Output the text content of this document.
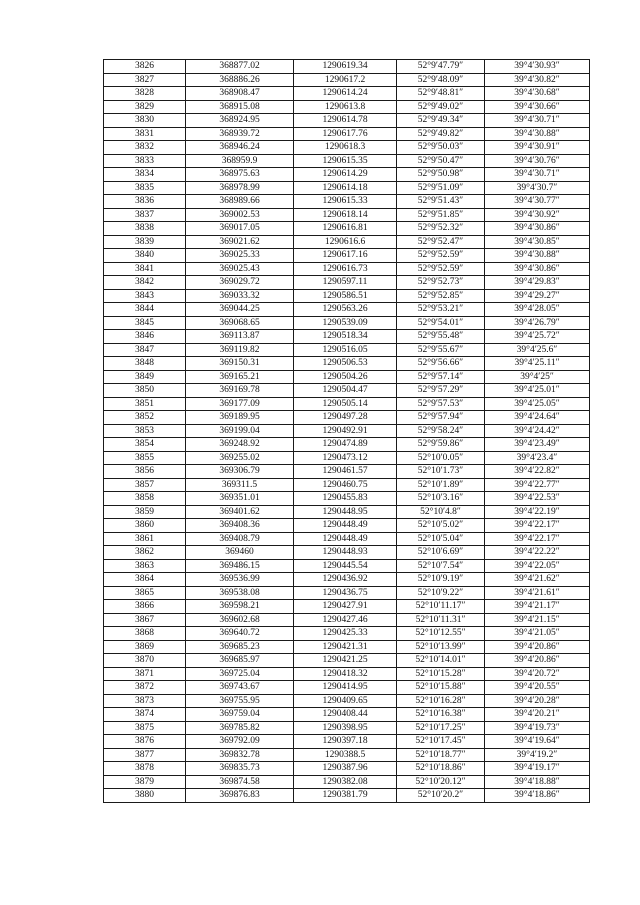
3826	368877.02	1290619.34	52°9′47.79″	39°4′30.93″
3827	368886.26	1290617.2	52°9′48.09″	39°4′30.82″
3828	368908.47	1290614.24	52°9′48.81″	39°4′30.68″
3829	368915.08	1290613.8	52°9′49.02″	39°4′30.66″
3830	368924.95	1290614.78	52°9′49.34″	39°4′30.71″
3831	368939.72	1290617.76	52°9′49.82″	39°4′30.88″
3832	368946.24	1290618.3	52°9′50.03″	39°4′30.91″
3833	368959.9	1290615.35	52°9′50.47″	39°4′30.76″
3834	368975.63	1290614.29	52°9′50.98″	39°4′30.71″
3835	368978.99	1290614.18	52°9′51.09″	39°4′30.7″
3836	368989.66	1290615.33	52°9′51.43″	39°4′30.77″
3837	369002.53	1290618.14	52°9′51.85″	39°4′30.92″
3838	369017.05	1290616.81	52°9′52.32″	39°4′30.86″
3839	369021.62	1290616.6	52°9′52.47″	39°4′30.85″
3840	369025.33	1290617.16	52°9′52.59″	39°4′30.88″
3841	369025.43	1290616.73	52°9′52.59″	39°4′30.86″
3842	369029.72	1290597.11	52°9′52.73″	39°4′29.83″
3843	369033.32	1290586.51	52°9′52.85″	39°4′29.27″
3844	369044.25	1290563.26	52°9′53.21″	39°4′28.05″
3845	369068.65	1290539.09	52°9′54.01″	39°4′26.79″
3846	369113.87	1290518.34	52°9′55.48″	39°4′25.72″
3847	369119.82	1290516.05	52°9′55.67″	39°4′25.6″
3848	369150.31	1290506.53	52°9′56.66″	39°4′25.11″
3849	369165.21	1290504.26	52°9′57.14″	39°4′25″
3850	369169.78	1290504.47	52°9′57.29″	39°4′25.01″
3851	369177.09	1290505.14	52°9′57.53″	39°4′25.05″
3852	369189.95	1290497.28	52°9′57.94″	39°4′24.64″
3853	369199.04	1290492.91	52°9′58.24″	39°4′24.42″
3854	369248.92	1290474.89	52°9′59.86″	39°4′23.49″
3855	369255.02	1290473.12	52°10′0.05″	39°4′23.4″
3856	369306.79	1290461.57	52°10′1.73″	39°4′22.82″
3857	369311.5	1290460.75	52°10′1.89″	39°4′22.77″
3858	369351.01	1290455.83	52°10′3.16″	39°4′22.53″
3859	369401.62	1290448.95	52°10′4.8″	39°4′22.19″
3860	369408.36	1290448.49	52°10′5.02″	39°4′22.17″
3861	369408.79	1290448.49	52°10′5.04″	39°4′22.17″
3862	369460	1290448.93	52°10′6.69″	39°4′22.22″
3863	369486.15	1290445.54	52°10′7.54″	39°4′22.05″
3864	369536.99	1290436.92	52°10′9.19″	39°4′21.62″
3865	369538.08	1290436.75	52°10′9.22″	39°4′21.61″
3866	369598.21	1290427.91	52°10′11.17″	39°4′21.17″
3867	369602.68	1290427.46	52°10′11.31″	39°4′21.15″
3868	369640.72	1290425.33	52°10′12.55″	39°4′21.05″
3869	369685.23	1290421.31	52°10′13.99″	39°4′20.86″
3870	369685.97	1290421.25	52°10′14.01″	39°4′20.86″
3871	369725.04	1290418.32	52°10′15.28″	39°4′20.72″
3872	369743.67	1290414.95	52°10′15.88″	39°4′20.55″
3873	369755.95	1290409.65	52°10′16.28″	39°4′20.28″
3874	369759.04	1290408.44	52°10′16.38″	39°4′20.21″
3875	369785.82	1290398.95	52°10′17.25″	39°4′19.73″
3876	369792.09	1290397.18	52°10′17.45″	39°4′19.64″
3877	369832.78	1290388.5	52°10′18.77″	39°4′19.2″
3878	369835.73	1290387.96	52°10′18.86″	39°4′19.17″
3879	369874.58	1290382.08	52°10′20.12″	39°4′18.88″
3880	369876.83	1290381.79	52°10′20.2″	39°4′18.86″
